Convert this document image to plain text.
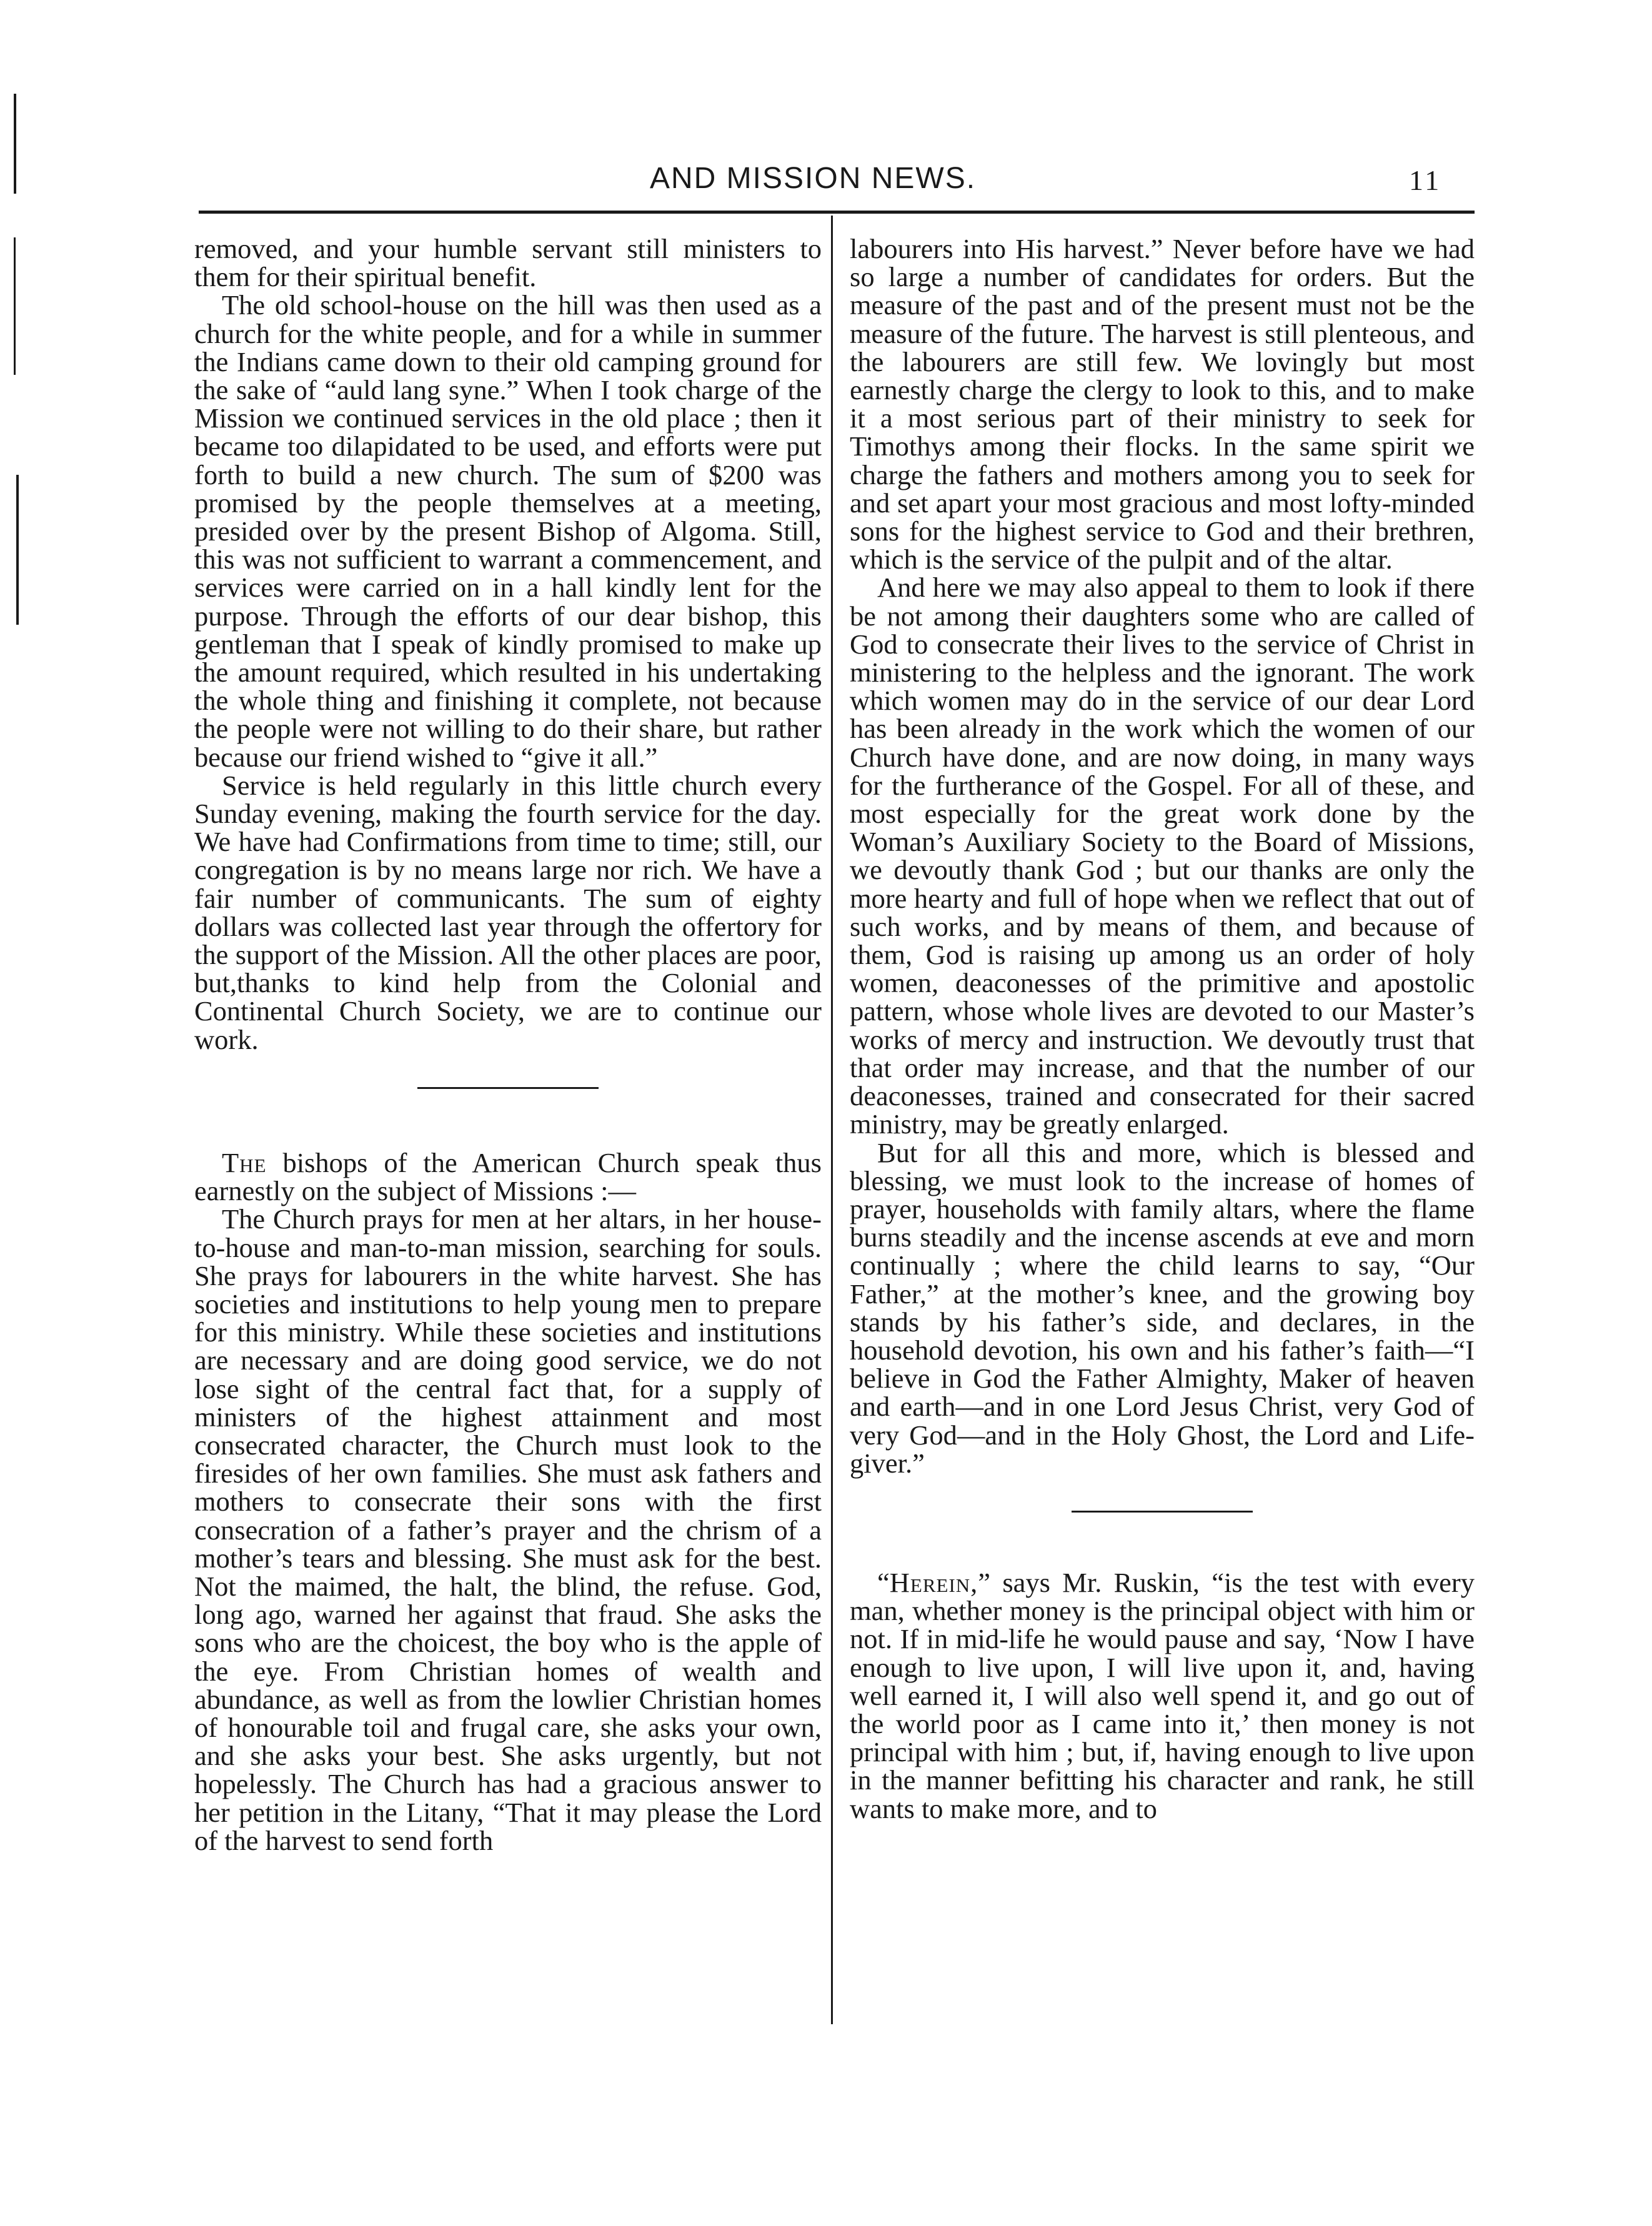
AND MISSION NEWS.	11

removed, and your humble servant still ministers to them for their spiritual benefit.

The old school-house on the hill was then used as a church for the white people, and for a while in summer the Indians came down to their old camping ground for the sake of “auld lang syne.” When I took charge of the Mission we continued services in the old place ; then it became too dilapidated to be used, and efforts were put forth to build a new church. The sum of $200 was promised by the people themselves at a meeting, presided over by the present Bishop of Algoma. Still, this was not sufficient to warrant a commencement, and services were carried on in a hall kindly lent for the purpose. Through the efforts of our dear bishop, this gentleman that I speak of kindly promised to make up the amount required, which resulted in his undertaking the whole thing and finishing it complete, not because the people were not willing to do their share, but rather because our friend wished to “give it all.”

Service is held regularly in this little church every Sunday evening, making the fourth service for the day. We have had Confirmations from time to time; still, our congregation is by no means large nor rich. We have a fair number of communicants. The sum of eighty dollars was collected last year through the offertory for the support of the Mission. All the other places are poor, but,thanks to kind help from the Colonial and Continental Church Society, we are to continue our work.

The bishops of the American Church speak thus earnestly on the subject of Missions :—

The Church prays for men at her altars, in her house-to-house and man-to-man mission, searching for souls. She prays for labourers in the white harvest. She has societies and institutions to help young men to prepare for this ministry. While these societies and institutions are necessary and are doing good service, we do not lose sight of the central fact that, for a supply of ministers of the highest attainment and most consecrated character, the Church must look to the firesides of her own families. She must ask fathers and mothers to consecrate their sons with the first consecration of a father’s prayer and the chrism of a mother’s tears and blessing. She must ask for the best. Not the maimed, the halt, the blind, the refuse. God, long ago, warned her against that fraud. She asks the sons who are the choicest, the boy who is the apple of the eye. From Christian homes of wealth and abundance, as well as from the lowlier Christian homes of honourable toil and frugal care, she asks your own, and she asks your best. She asks urgently, but not hopelessly. The Church has had a gracious answer to her petition in the Litany, “That it may please the Lord of the harvest to send forth

labourers into His harvest.” Never before have we had so large a number of candidates for orders. But the measure of the past and of the present must not be the measure of the future. The harvest is still plenteous, and the labourers are still few. We lovingly but most earnestly charge the clergy to look to this, and to make it a most serious part of their ministry to seek for Timothys among their flocks. In the same spirit we charge the fathers and mothers among you to seek for and set apart your most gracious and most lofty-minded sons for the highest service to God and their brethren, which is the service of the pulpit and of the altar.

And here we may also appeal to them to look if there be not among their daughters some who are called of God to consecrate their lives to the service of Christ in ministering to the helpless and the ignorant. The work which women may do in the service of our dear Lord has been already in the work which the women of our Church have done, and are now doing, in many ways for the furtherance of the Gospel. For all of these, and most especially for the great work done by the Woman’s Auxiliary Society to the Board of Missions, we devoutly thank God ; but our thanks are only the more hearty and full of hope when we reflect that out of such works, and by means of them, and because of them, God is raising up among us an order of holy women, deaconesses of the primitive and apostolic pattern, whose whole lives are devoted to our Master’s works of mercy and instruction. We devoutly trust that that order may increase, and that the number of our deaconesses, trained and consecrated for their sacred ministry, may be greatly enlarged.

But for all this and more, which is blessed and blessing, we must look to the increase of homes of prayer, households with family altars, where the flame burns steadily and the incense ascends at eve and morn continually ; where the child learns to say, “Our Father,” at the mother’s knee, and the growing boy stands by his father’s side, and declares, in the household devotion, his own and his father’s faith—“I believe in God the Father Almighty, Maker of heaven and earth—and in one Lord Jesus Christ, very God of very God—and in the Holy Ghost, the Lord and Life-giver.”

“Herein,” says Mr. Ruskin, “is the test with every man, whether money is the principal object with him or not. If in mid-life he would pause and say, ‘Now I have enough to live upon, I will live upon it, and, having well earned it, I will also well spend it, and go out of the world poor as I came into it,’ then money is not principal with him ; but, if, having enough to live upon in the manner befitting his character and rank, he still wants to make more, and to
